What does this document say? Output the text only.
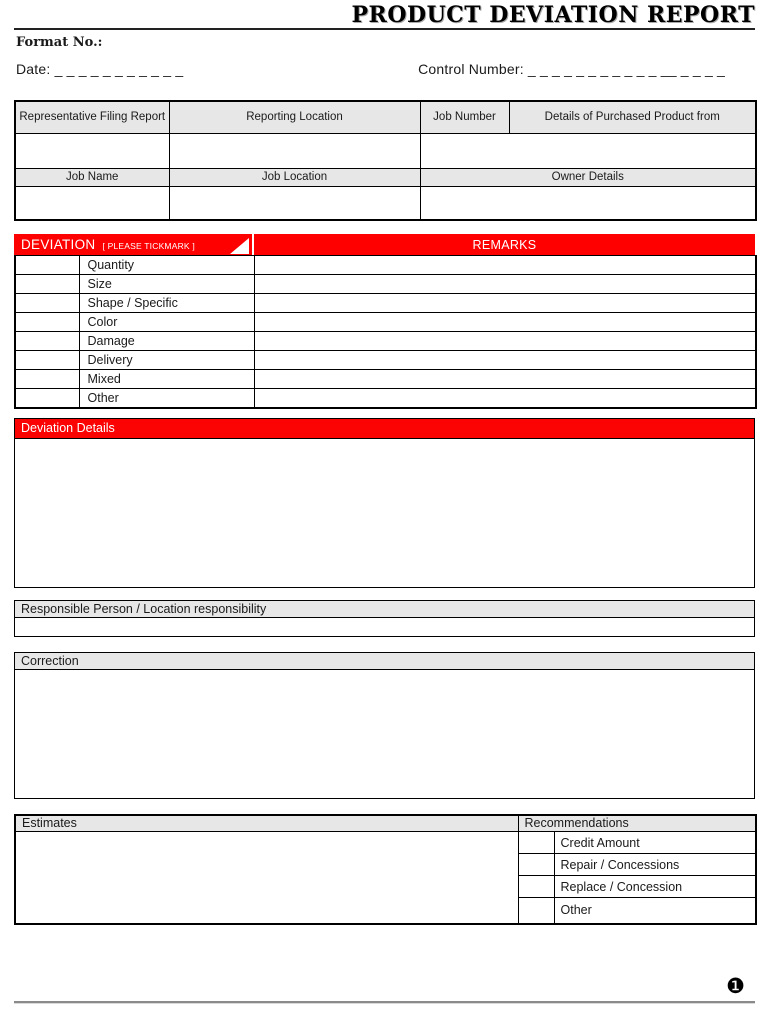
PRODUCT DEVIATION REPORT
Format No.:
Date: _ _ _ _ _ _ _ _ _ _ _	Control Number: _ _ _ _ _ _ _ _ _ _ _ __ _ _ _ _
Representative Filing Report	Reporting Location	Job Number	Details of Purchased Product from

Job Name	Job Location	Owner Details	

DEVIATION [ PLEASE TICKMARK ]	REMARKS
	Quantity	
	Size	
	Shape / Specific	
	Color	
	Damage	
	Delivery	
	Mixed	
	Other	
Deviation Details
Responsible Person / Location responsibility
Correction
Estimates	Recommendations	
		Credit Amount
		Repair / Concessions
		Replace / Concession
		Other
❶
